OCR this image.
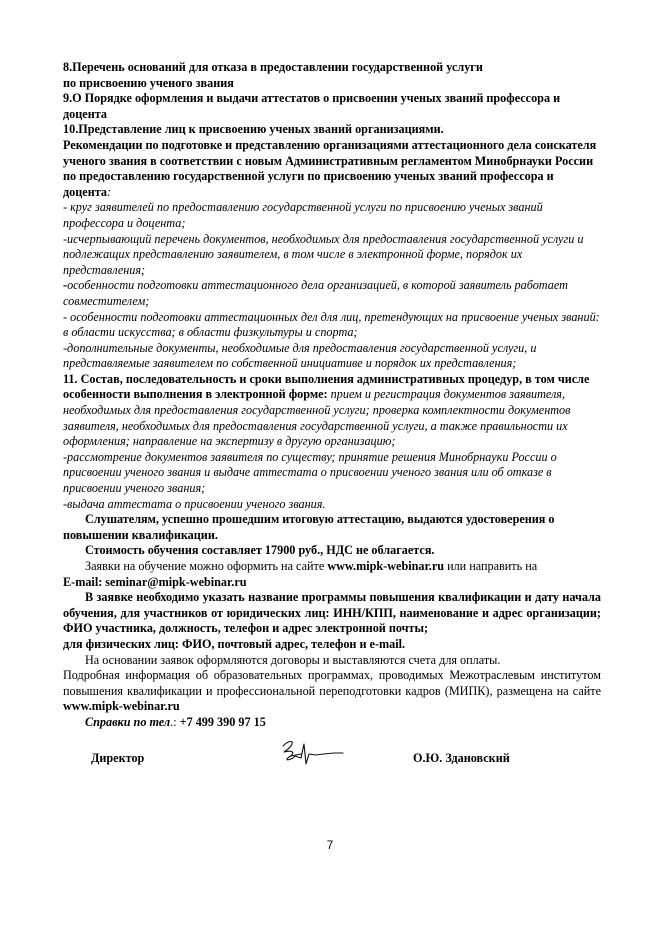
8.Перечень оснований для отказа в предоставлении государственной услуги

по присвоению ученого звания

9.О Порядке оформления и выдачи аттестатов о присвоении ученых званий профессора и доцента

10.Представление лиц к присвоению ученых званий организациями.

Рекомендации по подготовке и представлению организациями аттестационного дела соискателя ученого звания в соответствии с новым Административным регламентом Минобрнауки России по предоставлению государственной услуги по присвоению ученых званий профессора и доцента:

- круг заявителей по предоставлению государственной услуги по присвоению ученых званий профессора и доцента;

-исчерпывающий перечень документов, необходимых для предоставления государственной услуги и подлежащих представлению заявителем, в том числе в электронной форме, порядок их представления;

-особенности подготовки аттестационного дела организацией, в которой заявитель работает совместителем;

- особенности подготовки аттестационных дел для лиц, претендующих на присвоение ученых званий: в области искусства; в области физкультуры и спорта;

-дополнительные документы, необходимые для предоставления государственной услуги, и представляемые заявителем по собственной инициативе и порядок их представления;

11. Состав, последовательность и сроки выполнения административных процедур, в том числе особенности выполнения в электронной форме: прием и регистрация документов заявителя, необходимых для предоставления государственной услуги; проверка комплектности документов заявителя, необходимых для предоставления государственной услуги, а также правильности их оформления; направление на экспертизу в другую организацию;

-рассмотрение документов заявителя по существу; принятие решения Минобрнауки России о присвоении ученого звания и выдаче аттестата о присвоении ученого звания или об отказе в присвоении ученого звания;

-выдача аттестата о присвоении ученого звания.

Слушателям, успешно прошедшим итоговую аттестацию, выдаются удостоверения о повышении квалификации.

Стоимость обучения составляет 17900 руб., НДС не облагается.

Заявки на обучение можно оформить на сайте www.mipk-webinar.ru или направить на

E-mail: seminar@mipk-webinar.ru

В заявке необходимо указать название программы повышения квалификации и дату начала обучения, для участников от юридических лиц: ИНН/КПП, наименование и адрес организации; ФИО участника, должность, телефон и адрес электронной почты;

для физических лиц: ФИО, почтовый адрес, телефон и e-mail.

На основании заявок оформляются договоры и выставляются счета для оплаты.

Подробная информация об образовательных программах, проводимых Межотраслевым институтом повышения квалификации и профессиональной переподготовки кадров (МИПК), размещена на сайте www.mipk-webinar.ru

Справки по тел.: +7 499 390 97 15

Директор	О.Ю. Здановский
7
